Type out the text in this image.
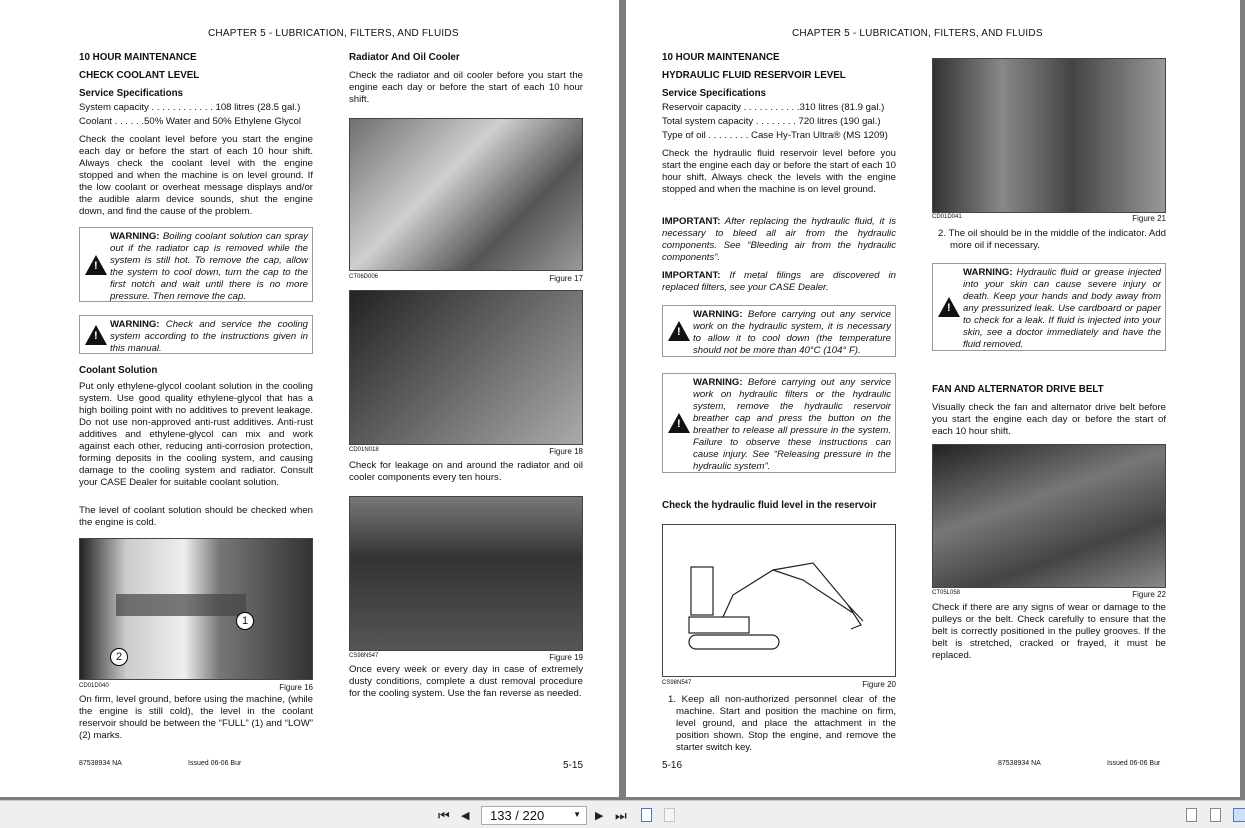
CHAPTER 5 - LUBRICATION, FILTERS, AND FLUIDS
10 HOUR MAINTENANCE
CHECK COOLANT LEVEL
Service Specifications
System capacity . . . . . . . . . . . . 108 litres (28.5 gal.)
Coolant . . . . . .50% Water and 50% Ethylene Glycol
Check the coolant level before you start the engine each day or before the start of each 10 hour shift. Always check the coolant level with the engine stopped and when the machine is on level ground. If the low coolant or overheat message displays and/or the audible alarm device sounds, shut the engine down, and find the cause of the problem.
!
WARNING: Boiling coolant solution can spray out if the radiator cap is removed while the system is still hot. To remove the cap, allow the system to cool down, turn the cap to the first notch and wait until there is no more pressure. Then remove the cap.
!
WARNING: Check and service the cooling system according to the instructions given in this manual.
Coolant Solution
Put only ethylene-glycol coolant solution in the cooling system. Use good quality ethylene-glycol that has a high boiling point with no additives to prevent leakage. Do not use non-approved anti-rust additives. Anti-rust additives and ethylene-glycol can mix and work against each other, reducing anti-corrosion protection, forming deposits in the cooling system, and causing damage to the cooling system and radiator. Consult your CASE Dealer for suitable coolant solution.
The level of coolant solution should be checked when the engine is cold.
1
2
CD01D040	Figure 16
On firm, level ground, before using the machine, (while the engine is still cold), the level in the coolant reservoir should be between the “FULL” (1) and “LOW” (2) marks.
Radiator And Oil Cooler
Check the radiator and oil cooler before you start the engine each day or before the start of each 10 hour shift.
CT06D006	Figure 17
CD01N018	Figure 18
Check for leakage on and around the radiator and oil cooler components every ten hours.
CS98N547	Figure 19
Once every week or every day in case of extremely dusty conditions, complete a dust removal procedure for the cooling system. Use the fan reverse as needed.
87538934 NA	Issued 06-06 Bur	5-15
CHAPTER 5 - LUBRICATION, FILTERS, AND FLUIDS
10 HOUR MAINTENANCE
HYDRAULIC FLUID RESERVOIR LEVEL
Service Specifications
Reservoir capacity . . . . . . . . . . .310 litres (81.9 gal.)
Total system capacity . . . . . . . . 720 litres (190 gal.)
Type of oil . . . . . . . . Case Hy-Tran Ultra® (MS 1209)
Check the hydraulic fluid reservoir level before you start the engine each day or before the start of each 10 hour shift. Always check the levels with the engine stopped and when the machine is on level ground.
IMPORTANT: After replacing the hydraulic fluid, it is necessary to bleed all air from the hydraulic components. See “Bleeding air from the hydraulic components”.
IMPORTANT: If metal filings are discovered in replaced filters, see your CASE Dealer.
!
WARNING: Before carrying out any service work on the hydraulic system, it is necessary to allow it to cool down (the temperature should not be more than 40°C (104° F).
!
WARNING: Before carrying out any service work on hydraulic filters or the hydraulic system, remove the hydraulic reservoir breather cap and press the button on the breather to release all pressure in the system. Failure to observe these instructions can cause injury. See “Releasing pressure in the hydraulic system”.
Check the hydraulic fluid level in the reservoir
CS98N547	Figure 20
1. Keep all non-authorized personnel clear of the machine. Start and position the machine on firm, level ground, and place the attachment in the position shown. Stop the engine, and remove the starter switch key.
CD01D041	Figure 21
2. The oil should be in the middle of the indicator. Add more oil if necessary.
!
WARNING: Hydraulic fluid or grease injected into your skin can cause severe injury or death. Keep your hands and body away from any pressurized leak. Use cardboard or paper to check for a leak. If fluid is injected into your skin, see a doctor immediately and have the fluid removed.
FAN AND ALTERNATOR DRIVE BELT
Visually check the fan and alternator drive belt before you start the engine each day or before the start of each 10 hour shift.
CT05L058	Figure 22
Check if there are any signs of wear or damage to the pulleys or the belt. Check carefully to ensure that the belt is correctly positioned in the pulley grooves. If the belt is stretched, cracked or frayed, it must be replaced.
5-16	87538934 NA	Issued 06-06 Bur
⏮ ◀	133 / 220	▼ ▶ ⏭
